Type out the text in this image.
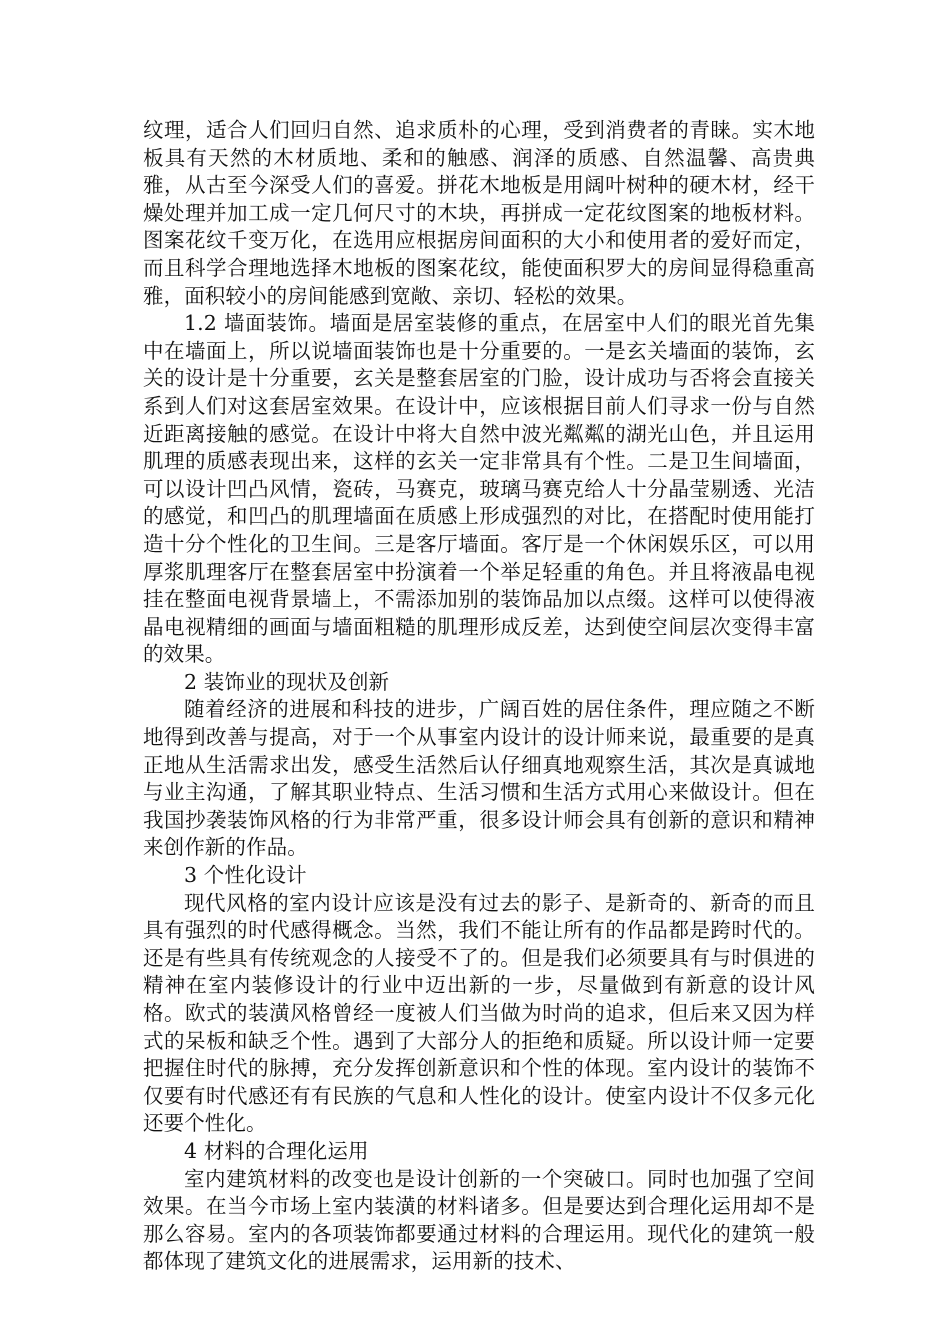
纹理，适合人们回归自然、追求质朴的心理，受到消费者的青睐。实木地板具有天然的木材质地、柔和的触感、润泽的质感、自然温馨、高贵典雅，从古至今深受人们的喜爱。拼花木地板是用阔叶树种的硬木材，经干燥处理并加工成一定几何尺寸的木块，再拼成一定花纹图案的地板材料。图案花纹千变万化，在选用应根据房间面积的大小和使用者的爱好而定，而且科学合理地选择木地板的图案花纹，能使面积罗大的房间显得稳重高雅，面积较小的房间能感到宽敞、亲切、轻松的效果。

1.2 墙面装饰。墙面是居室装修的重点，在居室中人们的眼光首先集中在墙面上，所以说墙面装饰也是十分重要的。一是玄关墙面的装饰，玄关的设计是十分重要，玄关是整套居室的门脸，设计成功与否将会直接关系到人们对这套居室效果。在设计中，应该根据目前人们寻求一份与自然近距离接触的感觉。在设计中将大自然中波光粼粼的湖光山色，并且运用肌理的质感表现出来，这样的玄关一定非常具有个性。二是卫生间墙面，可以设计凹凸风情，瓷砖，马赛克，玻璃马赛克给人十分晶莹剔透、光洁的感觉，和凹凸的肌理墙面在质感上形成强烈的对比，在搭配时使用能打造十分个性化的卫生间。三是客厅墙面。客厅是一个休闲娱乐区，可以用厚浆肌理客厅在整套居室中扮演着一个举足轻重的角色。并且将液晶电视挂在整面电视背景墙上，不需添加别的装饰品加以点缀。这样可以使得液晶电视精细的画面与墙面粗糙的肌理形成反差，达到使空间层次变得丰富的效果。

2 装饰业的现状及创新

随着经济的进展和科技的进步，广阔百姓的居住条件，理应随之不断地得到改善与提高，对于一个从事室内设计的设计师来说，最重要的是真正地从生活需求出发，感受生活然后认仔细真地观察生活，其次是真诚地与业主沟通，了解其职业特点、生活习惯和生活方式用心来做设计。但在我国抄袭装饰风格的行为非常严重，很多设计师会具有创新的意识和精神来创作新的作品。

3 个性化设计

现代风格的室内设计应该是没有过去的影子、是新奇的、新奇的而且具有强烈的时代感得概念。当然，我们不能让所有的作品都是跨时代的。还是有些具有传统观念的人接受不了的。但是我们必须要具有与时俱进的精神在室内装修设计的行业中迈出新的一步，尽量做到有新意的设计风格。欧式的装潢风格曾经一度被人们当做为时尚的追求，但后来又因为样式的呆板和缺乏个性。遇到了大部分人的拒绝和质疑。所以设计师一定要把握住时代的脉搏，充分发挥创新意识和个性的体现。室内设计的装饰不仅要有时代感还有有民族的气息和人性化的设计。使室内设计不仅多元化还要个性化。

4 材料的合理化运用

室内建筑材料的改变也是设计创新的一个突破口。同时也加强了空间效果。在当今市场上室内装潢的材料诸多。但是要达到合理化运用却不是那么容易。室内的各项装饰都要通过材料的合理运用。现代化的建筑一般都体现了建筑文化的进展需求，运用新的技术、
